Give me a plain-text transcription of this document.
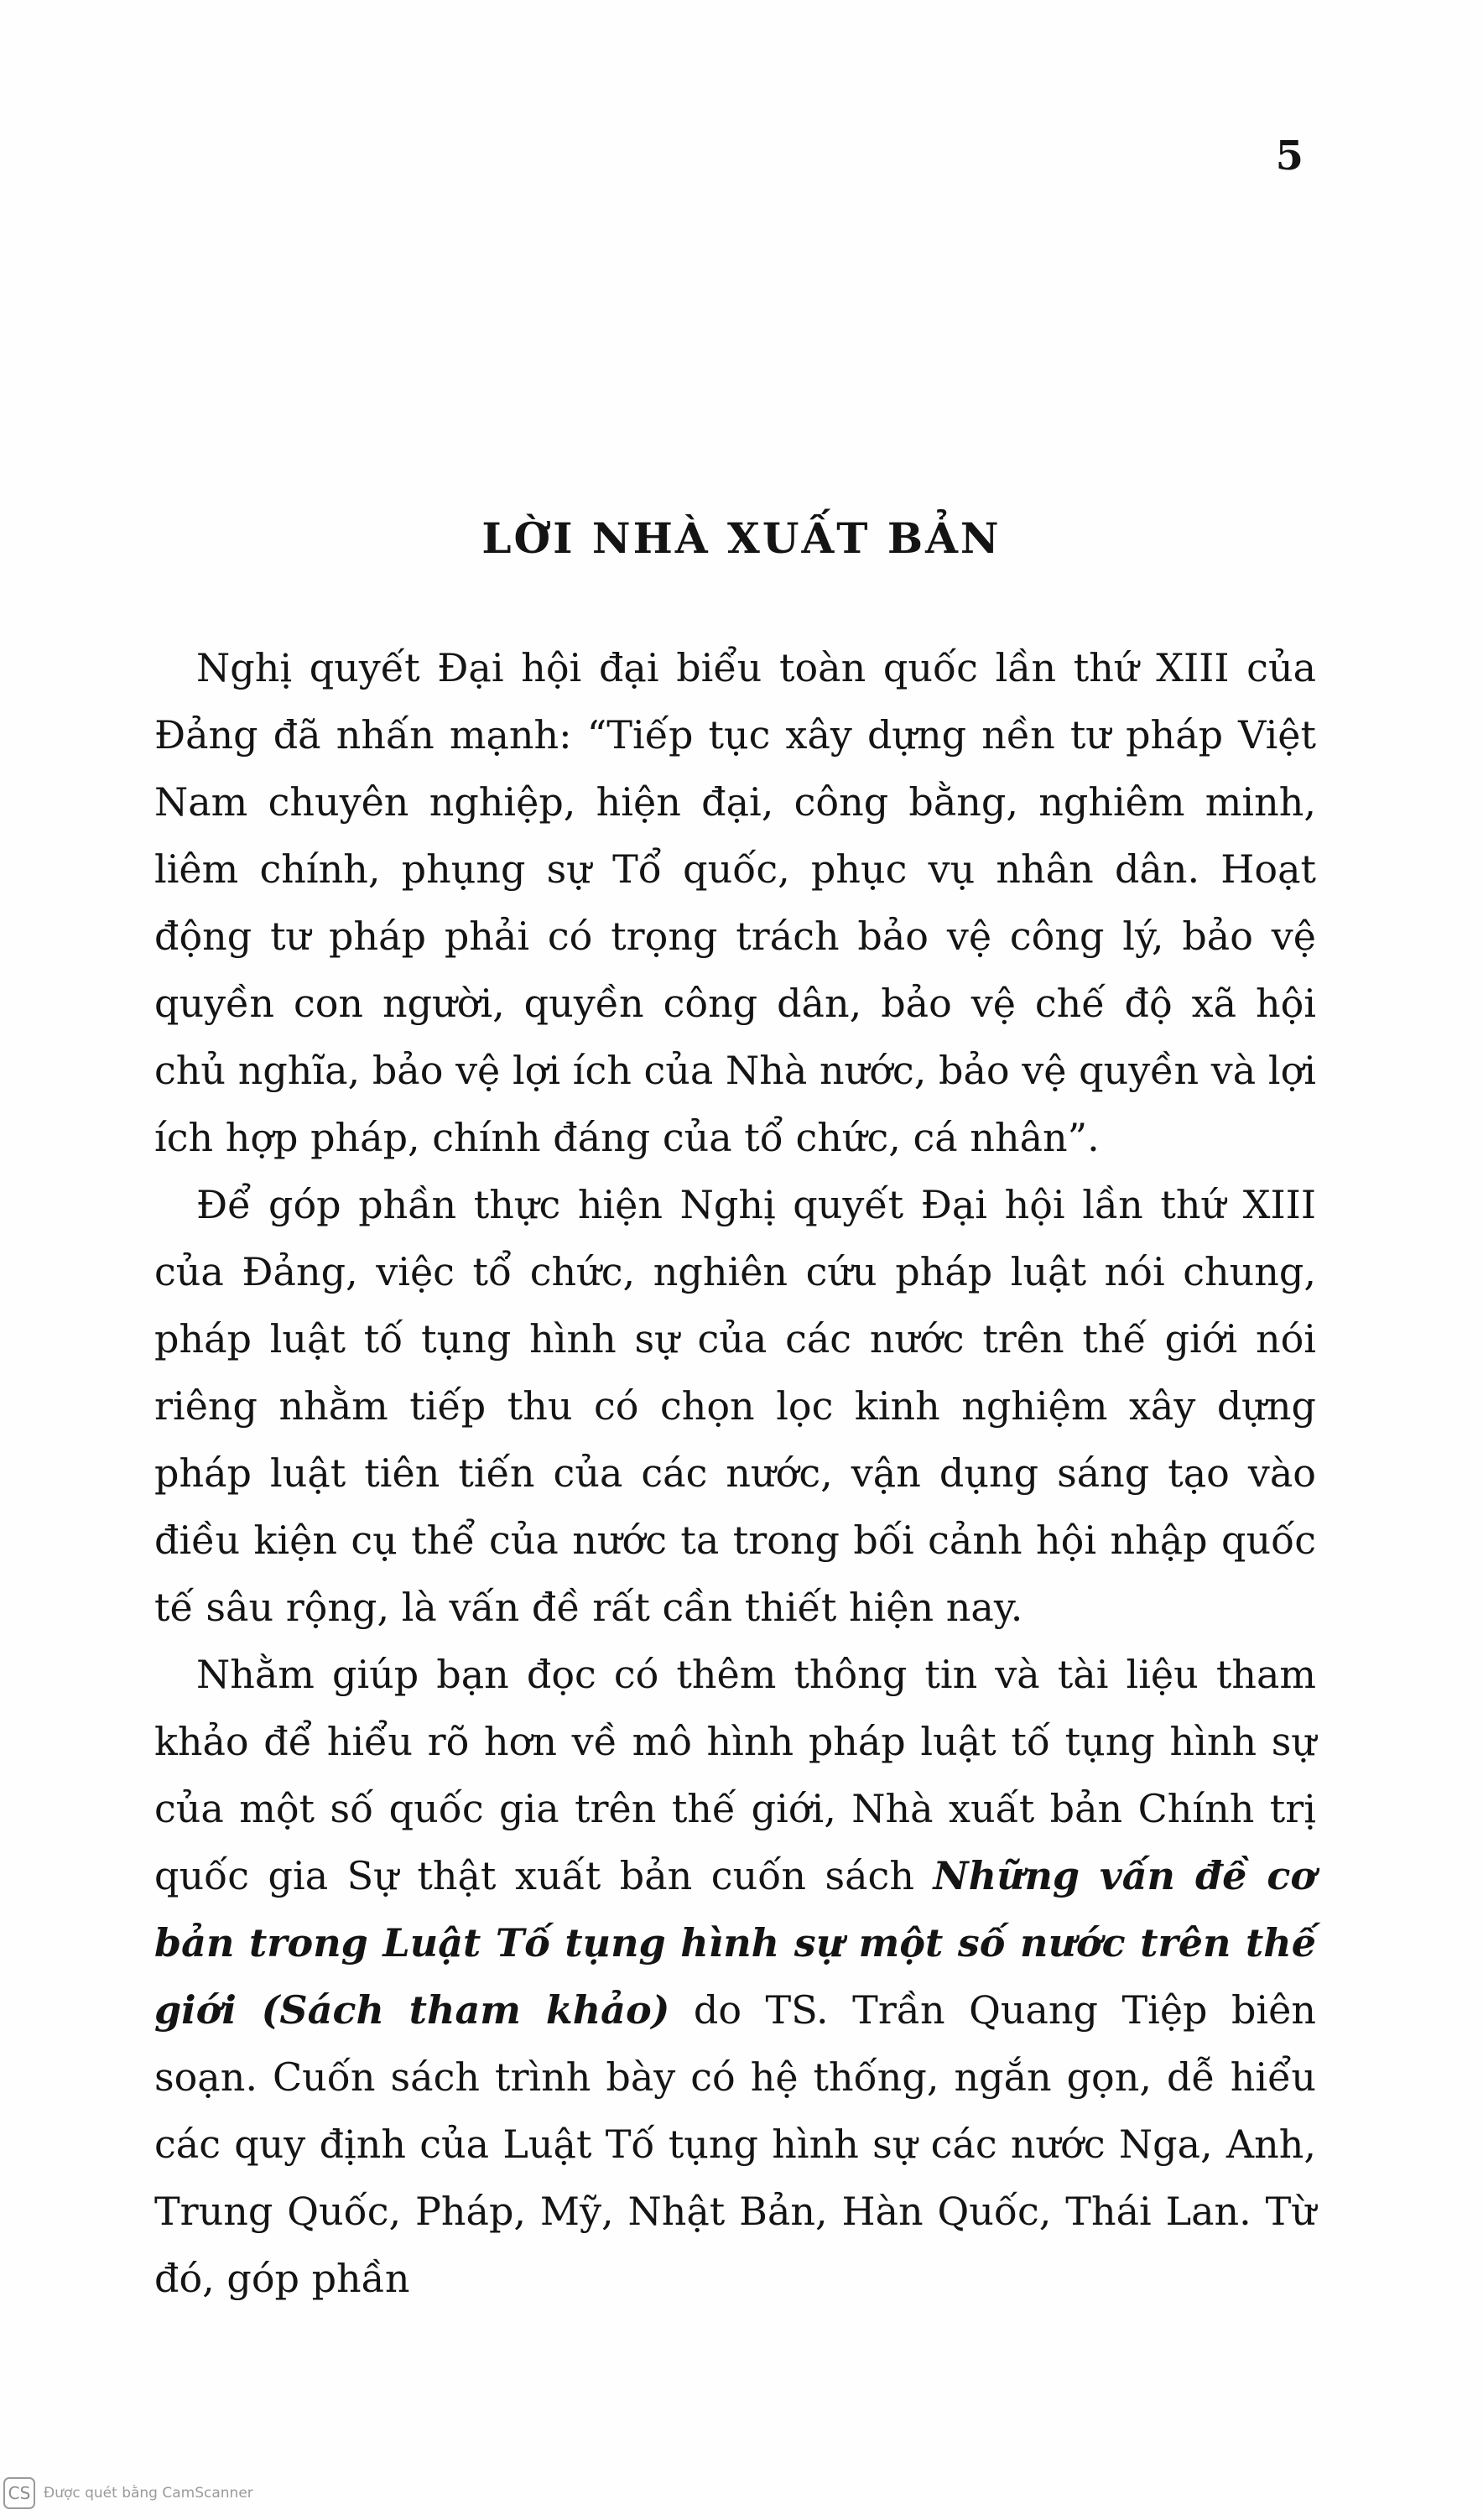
5
LỜI NHÀ XUẤT BẢN

Nghị quyết Đại hội đại biểu toàn quốc lần thứ XIII của Đảng đã nhấn mạnh: “Tiếp tục xây dựng nền tư pháp Việt Nam chuyên nghiệp, hiện đại, công bằng, nghiêm minh, liêm chính, phụng sự Tổ quốc, phục vụ nhân dân. Hoạt động tư pháp phải có trọng trách bảo vệ công lý, bảo vệ quyền con người, quyền công dân, bảo vệ chế độ xã hội chủ nghĩa, bảo vệ lợi ích của Nhà nước, bảo vệ quyền và lợi ích hợp pháp, chính đáng của tổ chức, cá nhân”.

Để góp phần thực hiện Nghị quyết Đại hội lần thứ XIII của Đảng, việc tổ chức, nghiên cứu pháp luật nói chung, pháp luật tố tụng hình sự của các nước trên thế giới nói riêng nhằm tiếp thu có chọn lọc kinh nghiệm xây dựng pháp luật tiên tiến của các nước, vận dụng sáng tạo vào điều kiện cụ thể của nước ta trong bối cảnh hội nhập quốc tế sâu rộng, là vấn đề rất cần thiết hiện nay.

Nhằm giúp bạn đọc có thêm thông tin và tài liệu tham khảo để hiểu rõ hơn về mô hình pháp luật tố tụng hình sự của một số quốc gia trên thế giới, Nhà xuất bản Chính trị quốc gia Sự thật xuất bản cuốn sách Những vấn đề cơ bản trong Luật Tố tụng hình sự một số nước trên thế giới (Sách tham khảo) do TS. Trần Quang Tiệp biên soạn. Cuốn sách trình bày có hệ thống, ngắn gọn, dễ hiểu các quy định của Luật Tố tụng hình sự các nước Nga, Anh, Trung Quốc, Pháp, Mỹ, Nhật Bản, Hàn Quốc, Thái Lan. Từ đó, góp phần

CS Được quét bằng CamScanner
